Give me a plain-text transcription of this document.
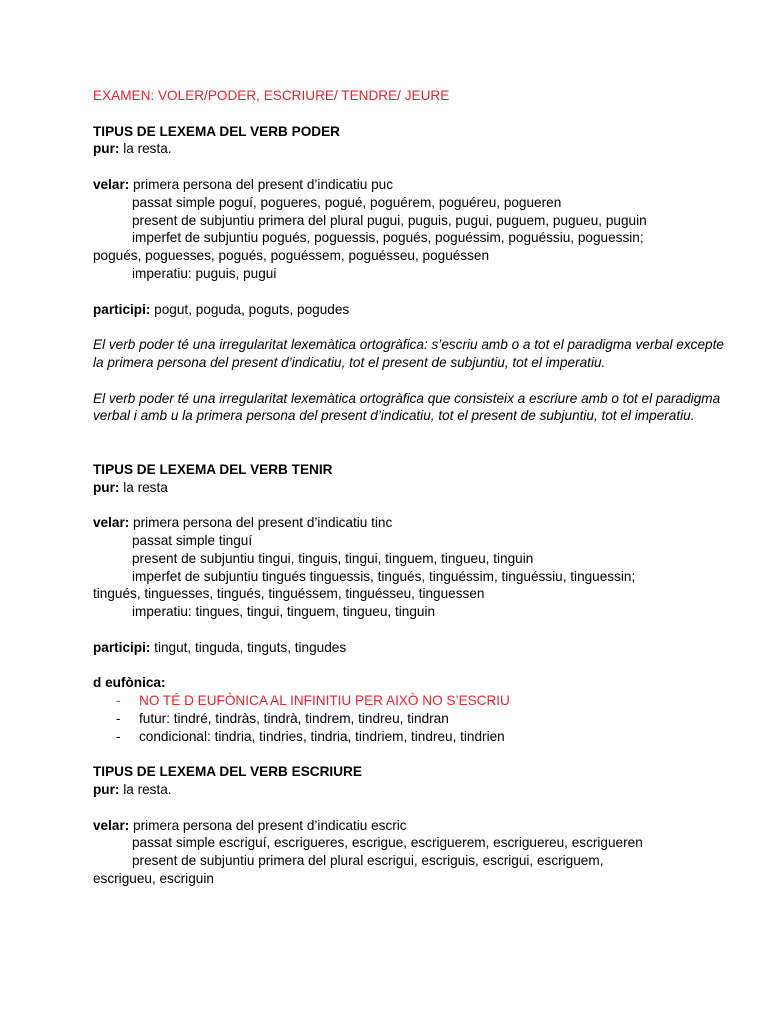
EXAMEN: VOLER/PODER, ESCRIURE/ TENDRE/ JEURE
TIPUS DE LEXEMA DEL VERB PODER
pur: la resta.
velar: primera persona del present d’indicatiu puc
passat simple poguí, pogueres, pogué, poguérem, poguéreu, pogueren
present de subjuntiu primera del plural pugui, puguis, pugui, puguem, pugueu, puguin
imperfet de subjuntiu pogués, poguessis, pogués, poguéssim, poguéssiu, poguessin;
pogués, poguesses, pogués, poguéssem, poguésseu, poguéssen
imperatiu: puguis, pugui
participi: pogut, poguda, poguts, pogudes
El verb poder té una irregularitat lexemàtica ortogràfica: s’escriu amb o a tot el paradigma verbal excepte la primera persona del present d’indicatiu, tot el present de subjuntiu, tot el imperatiu.
El verb poder té una irregularitat lexemàtica ortogràfica que consisteix a escriure amb o tot el paradigma verbal i amb u la primera persona del present d’indicatiu, tot el present de subjuntiu, tot el imperatiu.
TIPUS DE LEXEMA DEL VERB TENIR
pur: la resta
velar: primera persona del present d’indicatiu tinc
passat simple tinguí
present de subjuntiu tingui, tinguis, tingui, tinguem, tingueu, tinguin
imperfet de subjuntiu tingués tinguessis, tingués, tinguéssim, tinguéssiu, tinguessin;
tingués, tinguesses, tingués, tinguéssem, tinguésseu, tinguessen
imperatiu: tingues, tingui, tinguem, tingueu, tinguin
participi: tingut, tinguda, tinguts, tingudes
d eufònica:
- NO TÉ D EUFÒNICA AL INFINITIU PER AIXÒ NO S’ESCRIU
- futur: tindré, tindràs, tindrà, tindrem, tindreu, tindran
- condicional: tindria, tindries, tindria, tindriem, tindreu, tindrien
TIPUS DE LEXEMA DEL VERB ESCRIURE
pur: la resta.
velar: primera persona del present d’indicatiu escric
passat simple escriguí, escrigueres, escrigue, escriguerem, escriguereu, escrigueren
present de subjuntiu primera del plural escrigui, escriguis, escrigui, escriguem,
escrigueu, escriguin
